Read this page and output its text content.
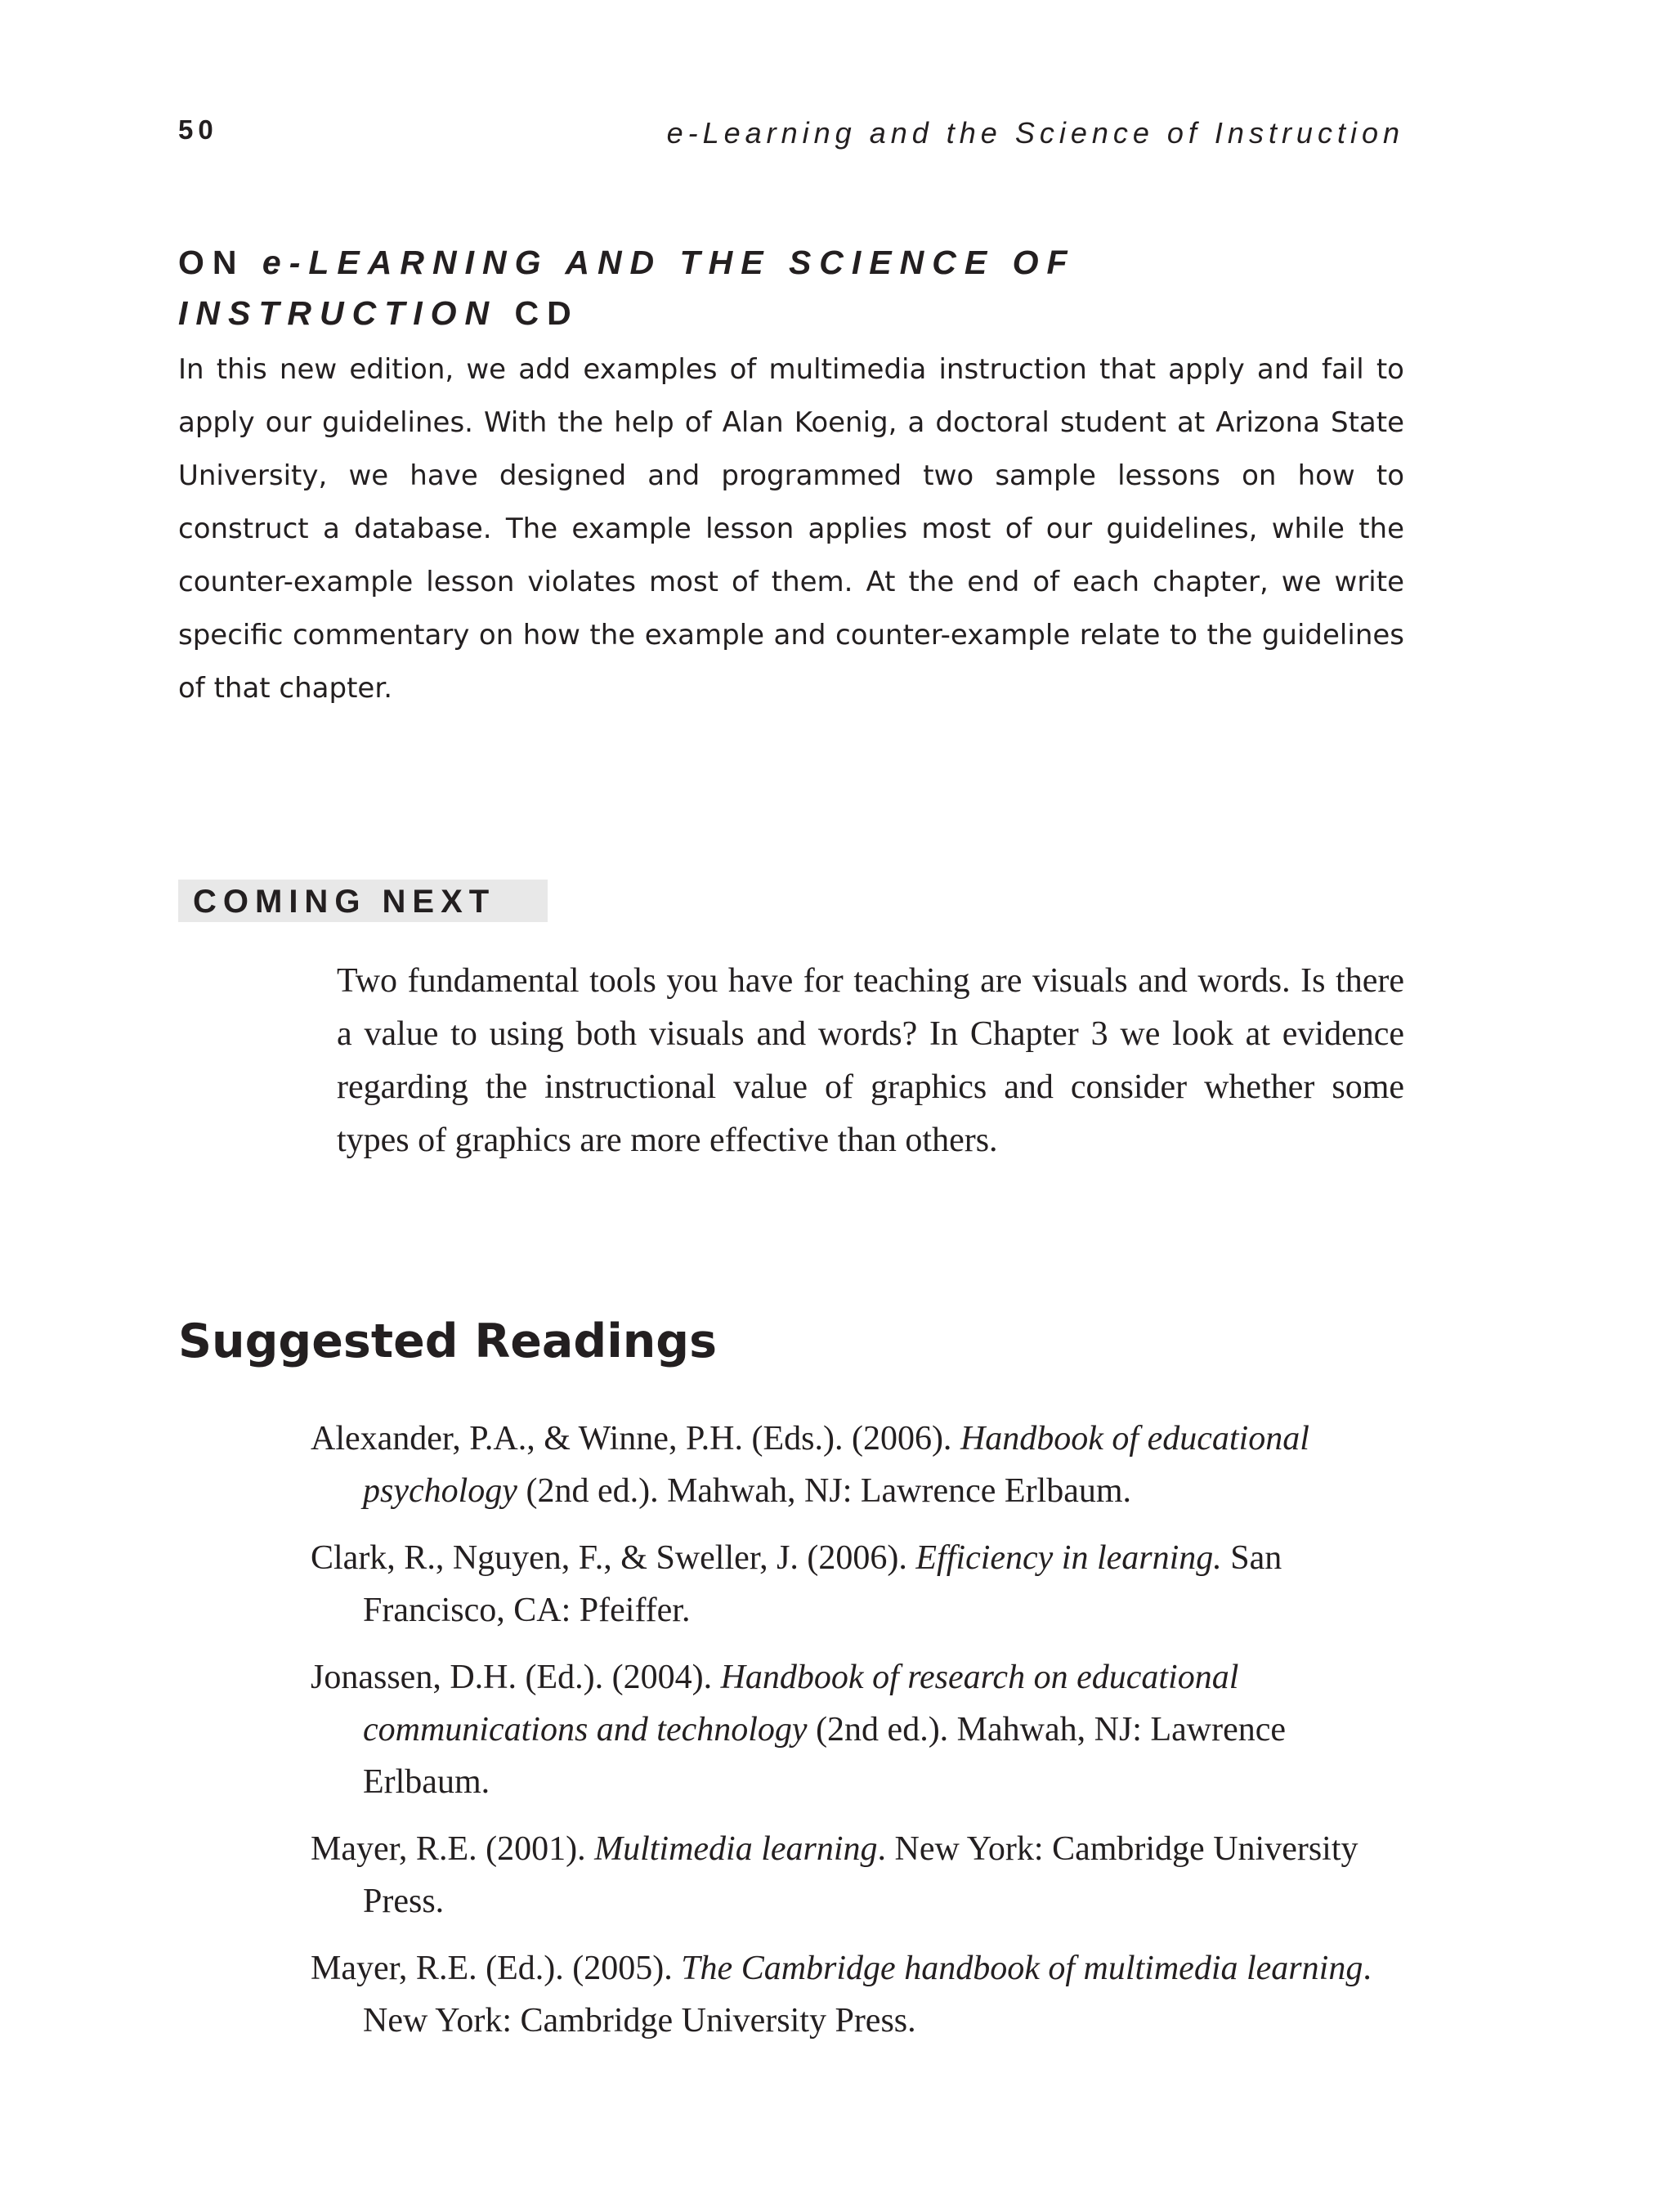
50	e-Learning and the Science of Instruction
ON e-LEARNING AND THE SCIENCE OF INSTRUCTION CD
In this new edition, we add examples of multimedia instruction that apply and fail to apply our guidelines. With the help of Alan Koenig, a doctoral student at Arizona State University, we have designed and programmed two sample lessons on how to construct a database. The example lesson applies most of our guidelines, while the counter-example lesson violates most of them. At the end of each chapter, we write specific commentary on how the example and counter-example relate to the guidelines of that chapter.
COMING NEXT
Two fundamental tools you have for teaching are visuals and words. Is there a value to using both visuals and words? In Chapter 3 we look at evidence regarding the instructional value of graphics and consider whether some types of graphics are more effective than others.
Suggested Readings
Alexander, P.A., & Winne, P.H. (Eds.). (2006). Handbook of educational psychology (2nd ed.). Mahwah, NJ: Lawrence Erlbaum.
Clark, R., Nguyen, F., & Sweller, J. (2006). Efficiency in learning. San Francisco, CA: Pfeiffer.
Jonassen, D.H. (Ed.). (2004). Handbook of research on educational communications and technology (2nd ed.). Mahwah, NJ: Lawrence Erlbaum.
Mayer, R.E. (2001). Multimedia learning. New York: Cambridge University Press.
Mayer, R.E. (Ed.). (2005). The Cambridge handbook of multimedia learning. New York: Cambridge University Press.
